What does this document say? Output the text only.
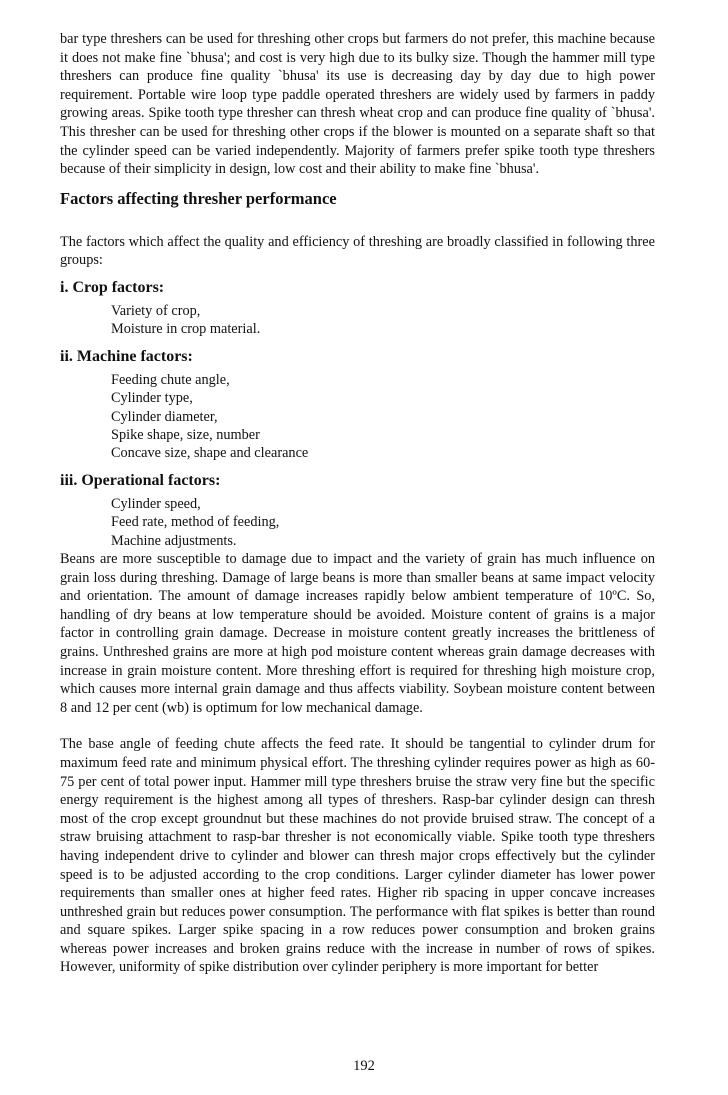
bar type threshers can be used for threshing other crops but farmers do not prefer, this machine because it does not make fine `bhusa'; and cost is very high due to its bulky size. Though the hammer mill type threshers can produce fine quality `bhusa' its use is decreasing day by day due to high power requirement. Portable wire loop type paddle operated threshers are widely used by farmers in paddy growing areas. Spike tooth type thresher can thresh wheat crop and can produce fine quality of `bhusa'. This thresher can be used for threshing other crops if the blower is mounted on a separate shaft so that the cylinder speed can be varied independently. Majority of farmers prefer spike tooth type threshers because of their simplicity in design, low cost and their ability to make fine `bhusa'.

Factors affecting thresher performance

The factors which affect the quality and efficiency of threshing are broadly classified in following three groups:

i. Crop factors:
Variety of crop,
Moisture in crop material.
ii. Machine factors:
Feeding chute angle,
Cylinder type,
Cylinder diameter,
Spike shape, size, number
Concave size, shape and clearance
iii. Operational factors:
Cylinder speed,
Feed rate, method of feeding,
Machine adjustments.

Beans are more susceptible to damage due to impact and the variety of grain has much influence on grain loss during threshing. Damage of large beans is more than smaller beans at same impact velocity and orientation. The amount of damage increases rapidly below ambient temperature of 10ºC. So, handling of dry beans at low temperature should be avoided. Moisture content of grains is a major factor in controlling grain damage. Decrease in moisture content greatly increases the brittleness of grains. Unthreshed grains are more at high pod moisture content whereas grain damage decreases with increase in grain moisture content. More threshing effort is required for threshing high moisture crop, which causes more internal grain damage and thus affects viability. Soybean moisture content between 8 and 12 per cent (wb) is optimum for low mechanical damage.

The base angle of feeding chute affects the feed rate. It should be tangential to cylinder drum for maximum feed rate and minimum physical effort. The threshing cylinder requires power as high as 60-75 per cent of total power input. Hammer mill type threshers bruise the straw very fine but the specific energy requirement is the highest among all types of threshers. Rasp-bar cylinder design can thresh most of the crop except groundnut but these machines do not provide bruised straw. The concept of a straw bruising attachment to rasp-bar thresher is not economically viable. Spike tooth type threshers having independent drive to cylinder and blower can thresh major crops effectively but the cylinder speed is to be adjusted according to the crop conditions. Larger cylinder diameter has lower power requirements than smaller ones at higher feed rates. Higher rib spacing in upper concave increases unthreshed grain but reduces power consumption. The performance with flat spikes is better than round and square spikes. Larger spike spacing in a row reduces power consumption and broken grains whereas power increases and broken grains reduce with the increase in number of rows of spikes. However, uniformity of spike distribution over cylinder periphery is more important for better

192
